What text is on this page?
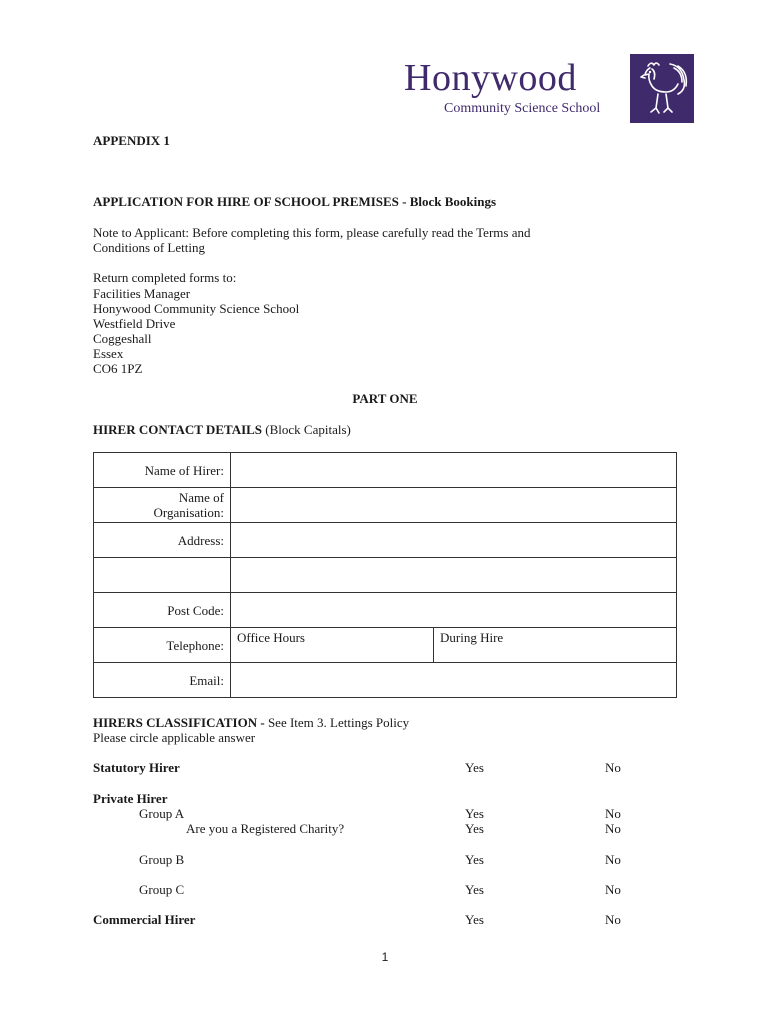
Honywood
Community Science School
APPENDIX 1
APPLICATION FOR HIRE OF SCHOOL PREMISES - Block Bookings
Note to Applicant: Before completing this form, please carefully read the Terms and
Conditions of Letting
Return completed forms to:
Facilities Manager
Honywood Community Science School
Westfield Drive
Coggeshall
Essex
CO6 1PZ
PART ONE
HIRER CONTACT DETAILS (Block Capitals)
Name of Hirer:	
Name of
Organisation:	
Address:	

Post Code:	
Telephone:	Office Hours During Hire

Email:	
HIRERS CLASSIFICATION - See Item 3. Lettings Policy
Please circle applicable answer
Statutory Hirer	Yes	No
Private Hirer
Group A	Yes	No
Are you a Registered Charity?	Yes	No
Group B	Yes	No
Group C	Yes	No
Commercial Hirer	Yes	No
1
